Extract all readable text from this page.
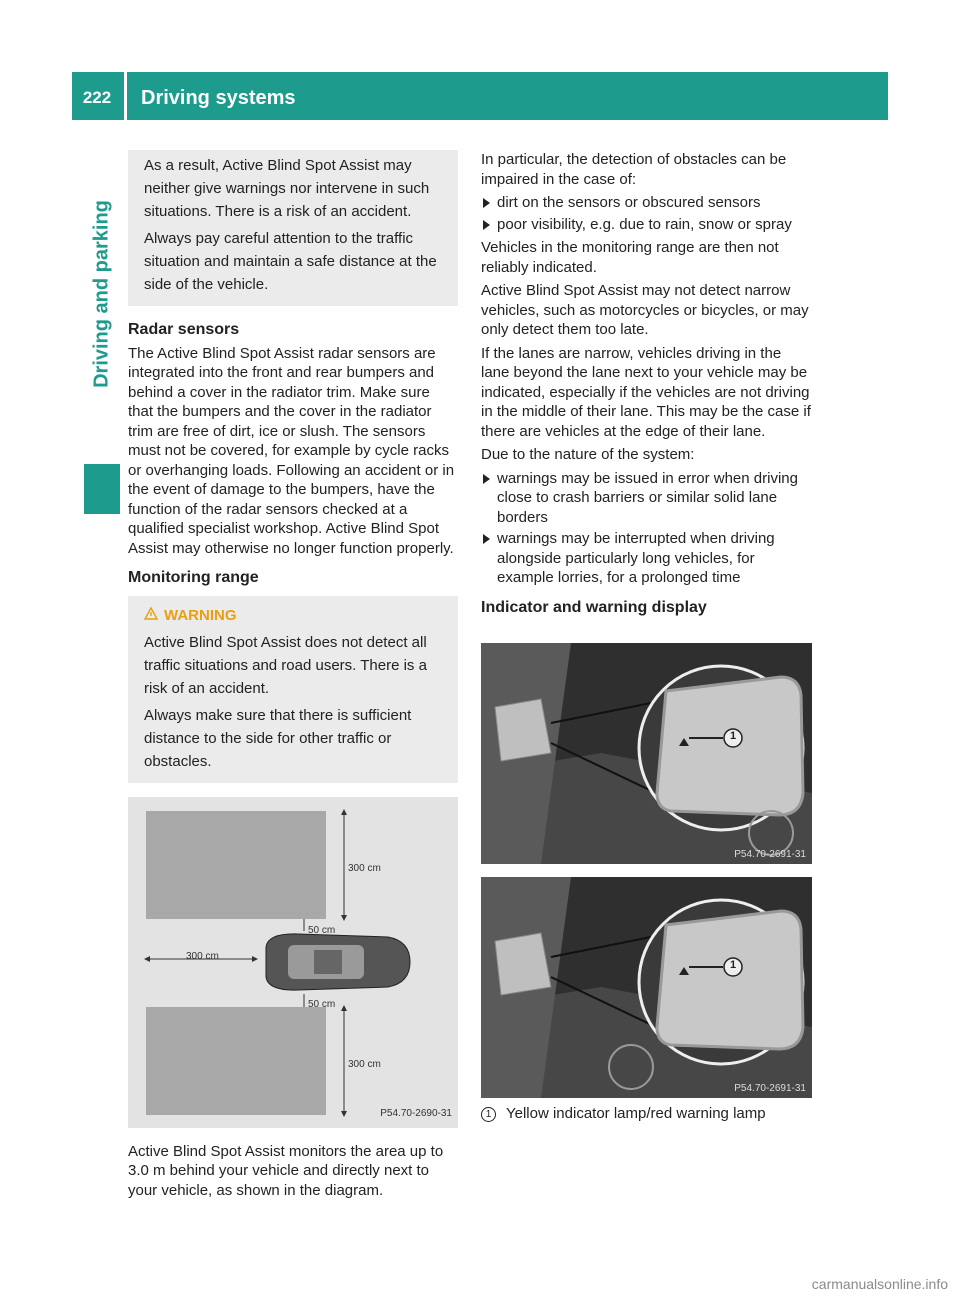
222	Driving systems
Driving and parking

As a result, Active Blind Spot Assist may neither give warnings nor intervene in such situations. There is a risk of an accident.

Always pay careful attention to the traffic situation and maintain a safe distance at the side of the vehicle.

Radar sensors

The Active Blind Spot Assist radar sensors are integrated into the front and rear bumpers and behind a cover in the radiator trim. Make sure that the bumpers and the cover in the radiator trim are free of dirt, ice or slush. The sensors must not be covered, for example by cycle racks or overhanging loads. Following an accident or in the event of damage to the bumpers, have the function of the radar sensors checked at a qualified specialist workshop. Active Blind Spot Assist may otherwise no longer function properly.

Monitoring range
WARNING

Active Blind Spot Assist does not detect all traffic situations and road users. There is a risk of an accident.

Always make sure that there is sufficient distance to the side for other traffic or obstacles.

300 cm
50 cm
300 cm
50 cm
300 cm
P54.70-2690-31

Active Blind Spot Assist monitors the area up to 3.0 m behind your vehicle and directly next to your vehicle, as shown in the diagram.

In particular, the detection of obstacles can be impaired in the case of:

dirt on the sensors or obscured sensors
poor visibility, e.g. due to rain, snow or spray

Vehicles in the monitoring range are then not reliably indicated.

Active Blind Spot Assist may not detect narrow vehicles, such as motorcycles or bicycles, or may only detect them too late.

If the lanes are narrow, vehicles driving in the lane beyond the lane next to your vehicle may be indicated, especially if the vehicles are not driving in the middle of their lane. This may be the case if there are vehicles at the edge of their lane.

Due to the nature of the system:

warnings may be issued in error when driving close to crash barriers or similar solid lane borders
warnings may be interrupted when driving alongside particularly long vehicles, for example lorries, for a prolonged time
Indicator and warning display
1
P54.70-2691-31
1
P54.70-2691-31
1 Yellow indicator lamp/red warning lamp
carmanualsonline.info
